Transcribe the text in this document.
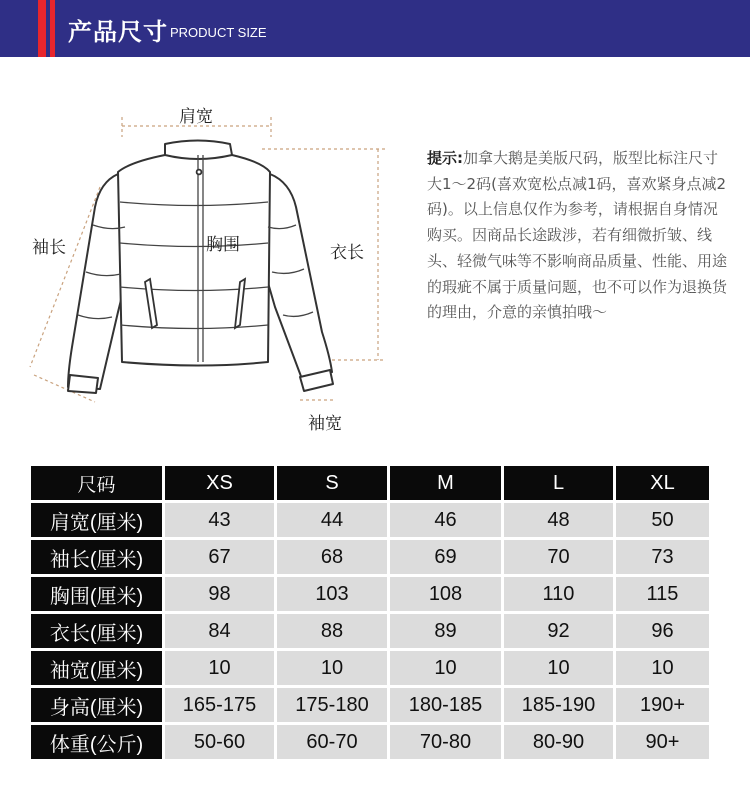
产品尺寸 PRODUCT SIZE
肩宽
袖长	胸围	衣长
袖宽
提示:加拿大鹅是美版尺码，版型比标注尺寸大1～2码(喜欢宽松点减1码，喜欢紧身点减2码)。以上信息仅作为参考，请根据自身情况购买。因商品长途跋涉，若有细微折皱、线头、轻微气味等不影响商品质量、性能、用途的瑕疵不属于质量问题，也不可以作为退换货的理由，介意的亲慎拍哦～
尺码	XS	S	M	L	XL
肩宽(厘米)	43	44	46	48	50
袖长(厘米)	67	68	69	70	73
胸围(厘米)	98	103	108	110	115
衣长(厘米)	84	88	89	92	96
袖宽(厘米)	10	10	10	10	10
身高(厘米)	165-175	175-180	180-185	185-190	190+
体重(公斤)	50-60	60-70	70-80	80-90	90+
